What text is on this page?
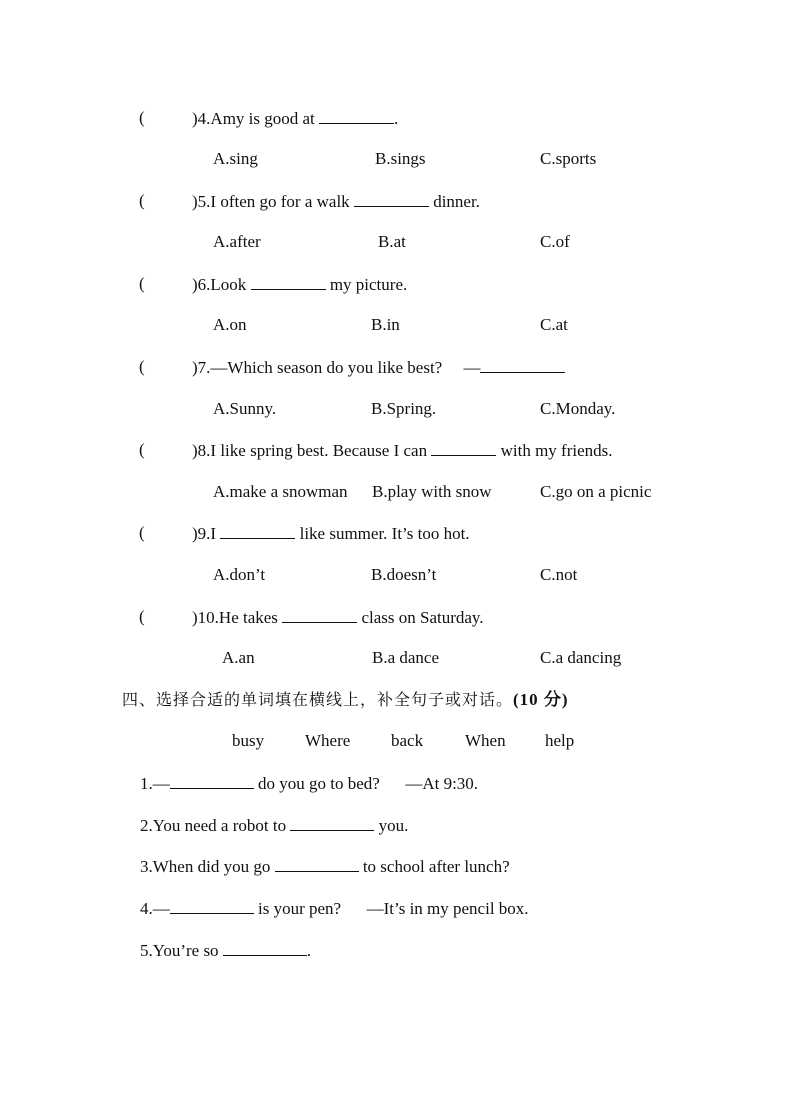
(	)4.Amy is good at	.
A.sing	B.sings	C.sports
(	)5.I often go for a walk	dinner.
A.after	B.at	C.of
(	)6.Look	my picture.
A.on	B.in	C.at
(	)7.—Which season do you like best?     —
A.Sunny.	B.Spring.	C.Monday.
(	)8.I like spring best. Because I can	with my friends.
A.make a snowman B.play with snow	C.go on a picnic
(	)9.I	like summer. It’s too hot.
A.don’t	B.doesn’t	C.not
(	)10.He takes	class on Saturday.
A.an	B.a dance	C.a dancing
四、选择合适的单词填在横线上，补全句子或对话。(10 分)
busy Where back When help
1.—	do you go to bed?      —At 9:30.
2.You need a robot to	you.
3.When did you go	to school after lunch?
4.—	is your pen?      —It’s in my pencil box.
5.You’re so	.
